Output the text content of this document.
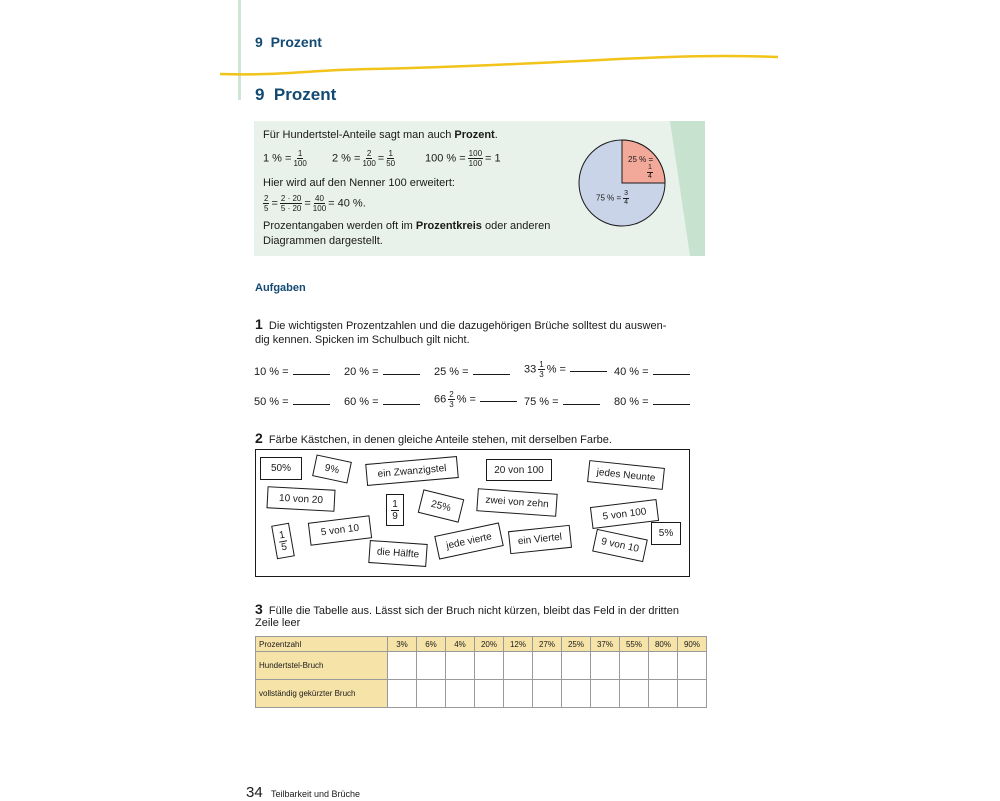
9 Prozent
9 Prozent
Für Hundertstel-Anteile sagt man auch Prozent.
1 % = $\frac{1}{100} 2$ % = $\frac{2}{100} = \frac{1}{50}$	100 % = $\frac{100}{100} = 1$
Hier wird auf den Nenner 100 erweitert:
$\frac{2}{5} = \frac{2 \cdot 20}{5 \cdot 20} = \frac{40}{100} = 40$ %.
Prozentangaben werden oft im Prozentkreis oder anderen
Diagrammen dargestellt.
25 % =
$\frac{1}{4}$
75 % = $\frac{3}{4}$
Aufgaben
1 Die wichtigsten Prozentzahlen und die dazugehörigen Brüche solltest du auswen-
dig kennen. Spicken im Schulbuch gilt nicht.
10 % =	20 % =	25 % =	$33 \frac{1}{3}$ % =	40 % =
50 % =	60 % =	$66 \frac{2}{3}$ % =	75 % =	80 % =
2 Färbe Kästchen, in denen gleiche Anteile stehen, mit derselben Farbe.
50%	9%	ein Zwanzigstel	20 von 100	jedes Neunte
10 von 20	$\frac{1}{9}$	25%	zwei von zehn
5 von 100
$\frac{1}{5}$	5 von 10
jede vierte	ein Viertel	9 von 10
5%
die Hälfte
3 Fülle die Tabelle aus. Lässt sich der Bruch nicht kürzen, bleibt das Feld in der dritten
Zeile leer
Prozentzahl	3%	6%	4%	20%	12%	27%	25%	37%	55%	80%	90%
Hundertstel-Bruch											
vollständig gekürzter Bruch											
34 Teilbarkeit und Brüche
